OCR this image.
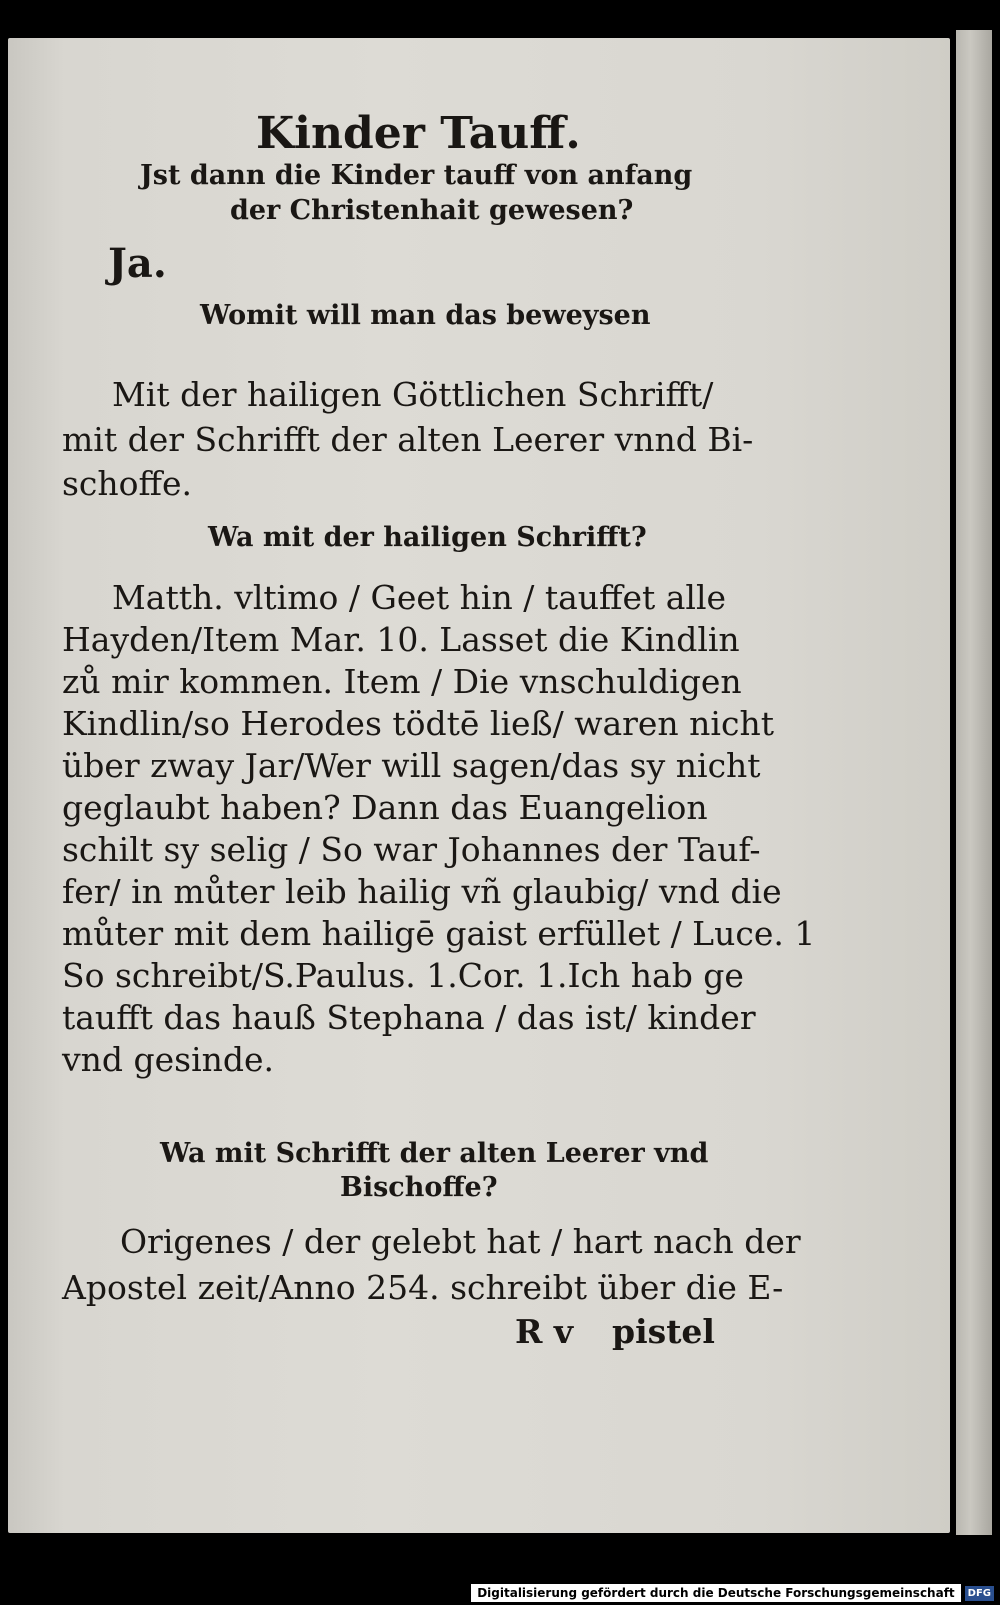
Kinder Tauff.
Jst dann die Kinder tauff von anfang
der Christenhait gewesen?
Ja.
Womit will man das beweysen
Mit der hailigen Göttlichen Schrifft/
mit der Schrifft der alten Leerer vnnd Bi-
schoffe.
Wa mit der hailigen Schrifft?
Matth. vltimo / Geet hin / tauffet alle
Hayden/Item Mar. 10. Lasset die Kindlin
zů mir kommen. Item / Die vnschuldigen
Kindlin/so Herodes tödtē ließ/ waren nicht
über zway Jar/Wer will sagen/das sy nicht
geglaubt haben? Dann das Euangelion
schilt sy selig / So war Johannes der Tauf-
fer/ in můter leib hailig vñ glaubig/ vnd die
můter mit dem hailigē gaist erfüllet / Luce. 1
So schreibt/S.Paulus. 1.Cor. 1.Ich hab ge
taufft das hauß Stephana / das ist/ kinder
vnd gesinde.
Wa mit Schrifft der alten Leerer vnd
Bischoffe?
Origenes / der gelebt hat / hart nach der
Apostel zeit/Anno 254. schreibt über die E-
R v pistel
Digitalisierung gefördert durch die Deutsche Forschungsgemeinschaft	DFG
